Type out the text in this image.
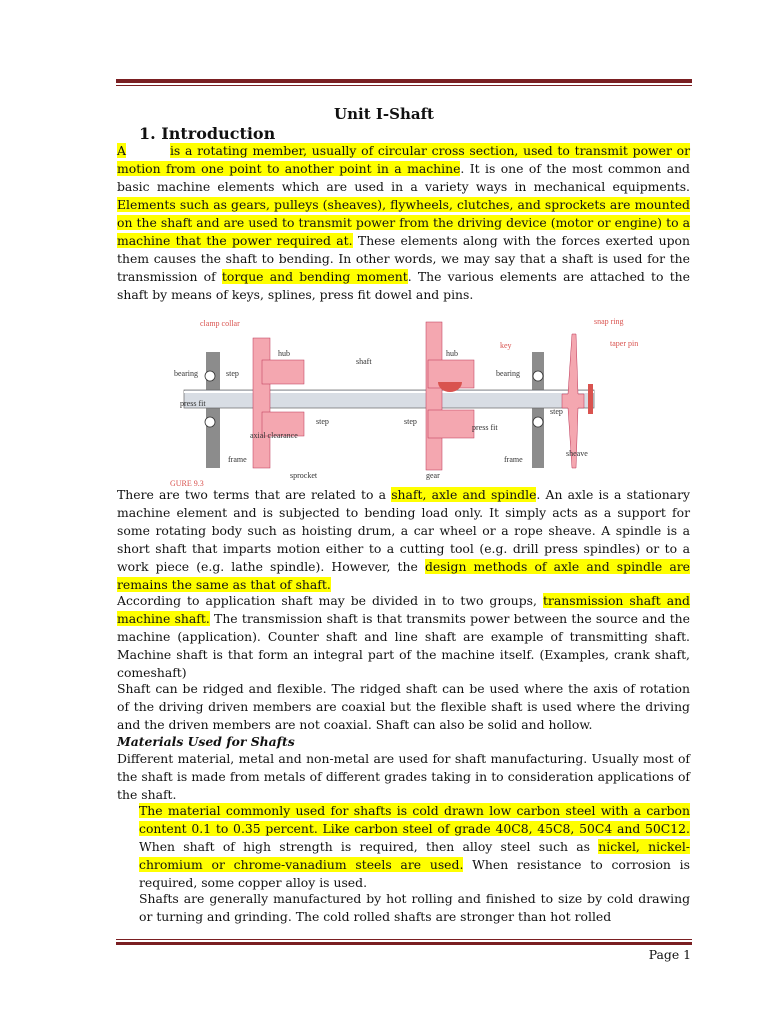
Unit I-Shaft
1. Introduction
A	is a rotating member, usually of circular cross section, used to transmit power or motion from one point to another point in a machine. It is one of the most common and basic machine elements which are used in a variety ways in mechanical equipments. Elements such as gears, pulleys (sheaves), flywheels, clutches, and sprockets are mounted on the shaft and are used to transmit power from the driving device (motor or engine) to a machine that the power required at. These elements along with the forces exerted upon them causes the shaft to bending. In other words, we may say that a shaft is used for the transmission of torque and bending moment. The various elements are attached to the shaft by means of keys, splines, press fit dowel and pins.
clamp collar
hub
shaft
hub
key
snap ring
taper pin
bearing	step	bearing
press fit
axial clearance
step	step
press fit
step
frame
sprocket	gear
frame
sheave
GURE 9.3
There are two terms that are related to a shaft, axle and spindle. An axle is a stationary machine element and is subjected to bending load only. It simply acts as a support for some rotating body such as hoisting drum, a car wheel or a rope sheave. A spindle is a short shaft that imparts motion either to a cutting tool (e.g. drill press spindles) or to a work piece (e.g. lathe spindle). However, the design methods of axle and spindle are remains the same as that of shaft.
According to application shaft may be divided in to two groups, transmission shaft and machine shaft. The transmission shaft is that transmits power between the source and the machine (application). Counter shaft and line shaft are example of transmitting shaft. Machine shaft is that form an integral part of the machine itself. (Examples, crank shaft, comeshaft)
Shaft can be ridged and flexible. The ridged shaft can be used where the axis of rotation of the driving driven members are coaxial but the flexible shaft is used where the driving and the driven members are not coaxial. Shaft can also be solid and hollow.
Materials Used for Shafts
Different material, metal and non-metal are used for shaft manufacturing. Usually most of the shaft is made from metals of different grades taking in to consideration applications of the shaft.
The material commonly used for shafts is cold drawn low carbon steel with a carbon content 0.1 to 0.35 percent. Like carbon steel of grade 40C8, 45C8, 50C4 and 50C12. When shaft of high strength is required, then alloy steel such as nickel, nickel-chromium or chrome-vanadium steels are used. When resistance to corrosion is required, some copper alloy is used.
Shafts are generally manufactured by hot rolling and finished to size by cold drawing or turning and grinding. The cold rolled shafts are stronger than hot rolled
Page 1
